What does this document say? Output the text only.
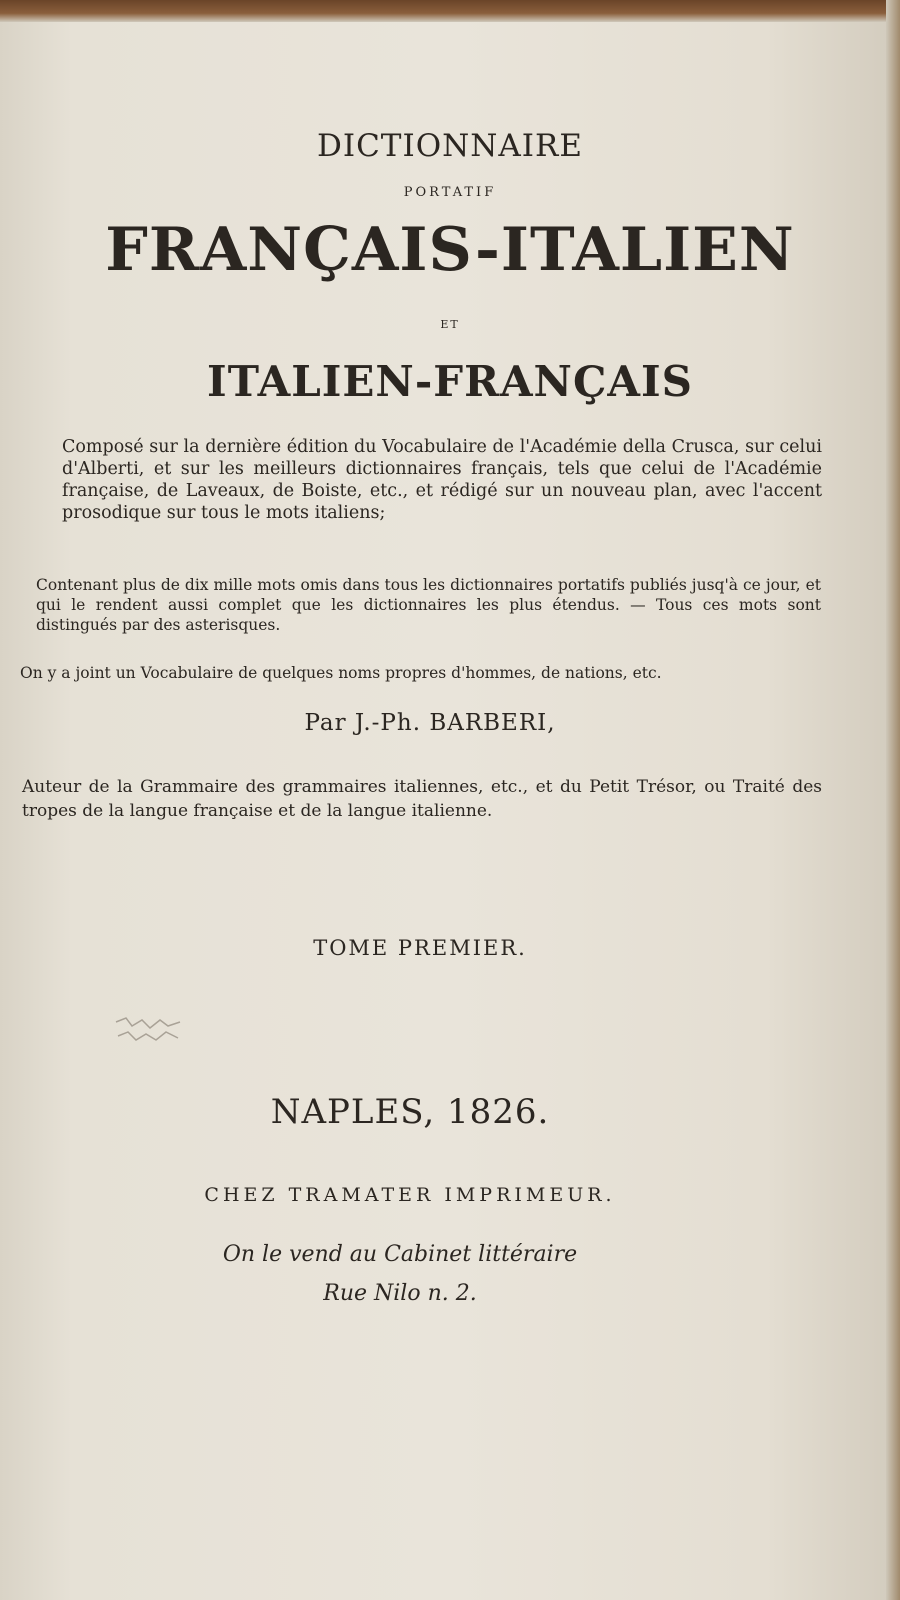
DICTIONNAIRE
PORTATIF
FRANÇAIS-ITALIEN
ET
ITALIEN-FRANÇAIS
Composé sur la dernière édition du Vocabulaire de l'Académie della Crusca, sur celui d'Alberti, et sur les meilleurs dictionnaires français, tels que celui de l'Académie française, de Laveaux, de Boiste, etc., et rédigé sur un nouveau plan, avec l'accent prosodique sur tous le mots italiens;
Contenant plus de dix mille mots omis dans tous les dictionnaires portatifs publiés jusq'à ce jour, et qui le rendent aussi complet que les dictionnaires les plus étendus. — Tous ces mots sont distingués par des asterisques.
On y a joint un Vocabulaire de quelques noms propres d'hommes, de nations, etc.
Par J.-Ph. BARBERI,
Auteur de la Grammaire des grammaires italiennes, etc., et du Petit Trésor, ou Traité des tropes de la langue française et de la langue italienne.
TOME PREMIER.
NAPLES, 1826.
CHEZ TRAMATER IMPRIMEUR.
On le vend au Cabinet littéraire
Rue Nilo n. 2.
